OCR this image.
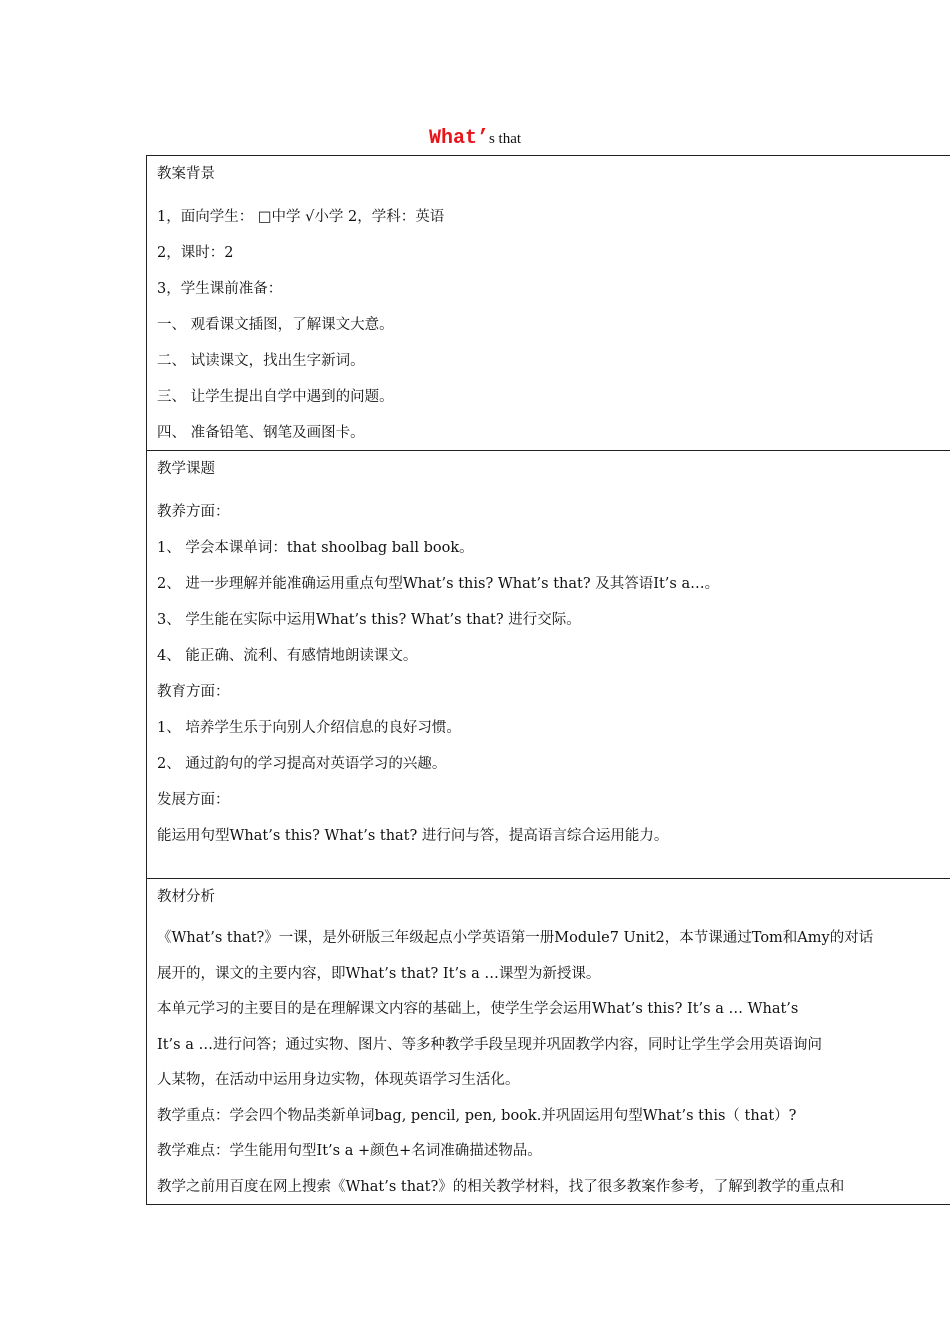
What’s that
教案背景
1，面向学生： □中学 √小学 2，学科：英语
2，课时：2
3，学生课前准备：
一、 观看课文插图，了解课文大意。
二、 试读课文，找出生字新词。
三、 让学生提出自学中遇到的问题。
四、 准备铅笔、钢笔及画图卡。
教学课题
教养方面：
1、 学会本课单词：that shoolbag ball book。
2、 进一步理解并能准确运用重点句型What’s this? What’s that? 及其答语It’s a…。
3、 学生能在实际中运用What’s this? What’s that? 进行交际。
4、 能正确、流利、有感情地朗读课文。
教育方面：
1、 培养学生乐于向别人介绍信息的良好习惯。
2、 通过韵句的学习提高对英语学习的兴趣。
发展方面：
能运用句型What’s this? What’s that? 进行问与答，提高语言综合运用能力。
教材分析
《What’s that?》一课，是外研版三年级起点小学英语第一册Module7 Unit2，本节课通过Tom和Amy的对话
展开的，课文的主要内容，即What’s that? It’s a …课型为新授课。
本单元学习的主要目的是在理解课文内容的基础上，使学生学会运用What’s this? It’s a … What’s
It’s a …进行问答；通过实物、图片、等多种教学手段呈现并巩固教学内容，同时让学生学会用英语询问
人某物，在活动中运用身边实物，体现英语学习生活化。
教学重点：学会四个物品类新单词bag, pencil, pen, book.并巩固运用句型What’s this（ that）?
教学难点：学生能用句型It’s a +颜色+名词准确描述物品。
教学之前用百度在网上搜索《What’s that?》的相关教学材料，找了很多教案作参考，了解到教学的重点和
